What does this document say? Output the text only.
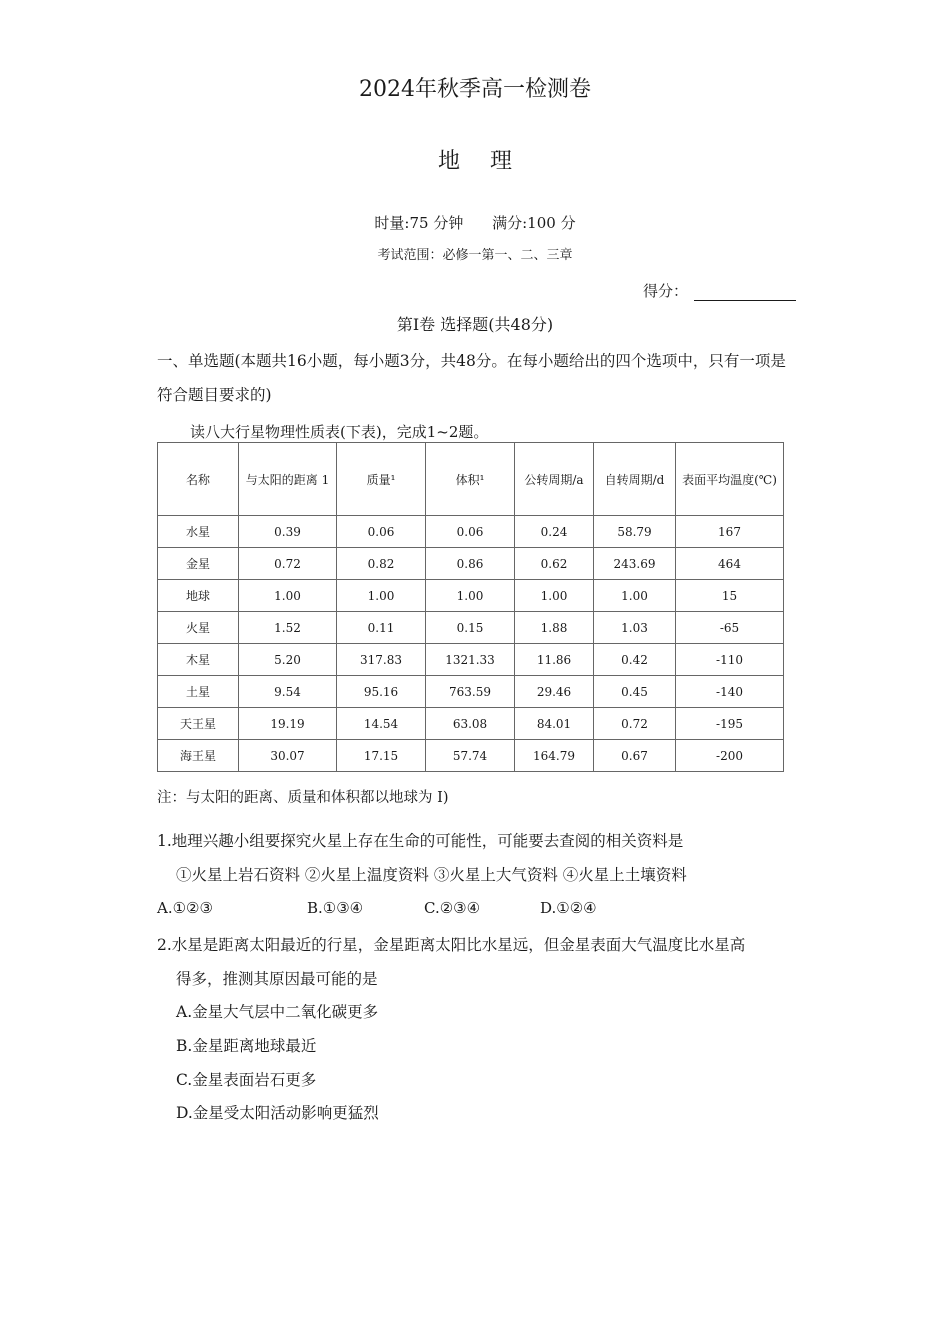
2024年秋季高一检测卷
地理
时量:75 分钟 满分:100 分
考试范围：必修一第一、二、三章
得分：
第Ⅰ卷 选择题(共48分)
一、单选题(本题共16小题，每小题3分，共48分。在每小题给出的四个选项中，只有一项是符合题目要求的)
读八大行星物理性质表(下表)，完成1~2题。
名称	与太阳的距离 1	质量¹	体积¹	公转周期/a	自转周期/d	表面平均温度(℃)
水星	0.39	0.06	0.06	0.24	58.79	167
金星	0.72	0.82	0.86	0.62	243.69	464
地球	1.00	1.00	1.00	1.00	1.00	15
火星	1.52	0.11	0.15	1.88	1.03	-65
木星	5.20	317.83	1321.33	11.86	0.42	-110
土星	9.54	95.16	763.59	29.46	0.45	-140
天王星	19.19	14.54	63.08	84.01	0.72	-195
海王星	30.07	17.15	57.74	164.79	0.67	-200
注：与太阳的距离、质量和体积都以地球为 I)
1.地理兴趣小组要探究火星上存在生命的可能性，可能要去查阅的相关资料是
①火星上岩石资料 ②火星上温度资料 ③火星上大气资料 ④火星上土壤资料
A.①②③	B.①③④	C.②③④	D.①②④
2.水星是距离太阳最近的行星，金星距离太阳比水星远，但金星表面大气温度比水星高
得多，推测其原因最可能的是
A.金星大气层中二氧化碳更多
B.金星距离地球最近
C.金星表面岩石更多
D.金星受太阳活动影响更猛烈
